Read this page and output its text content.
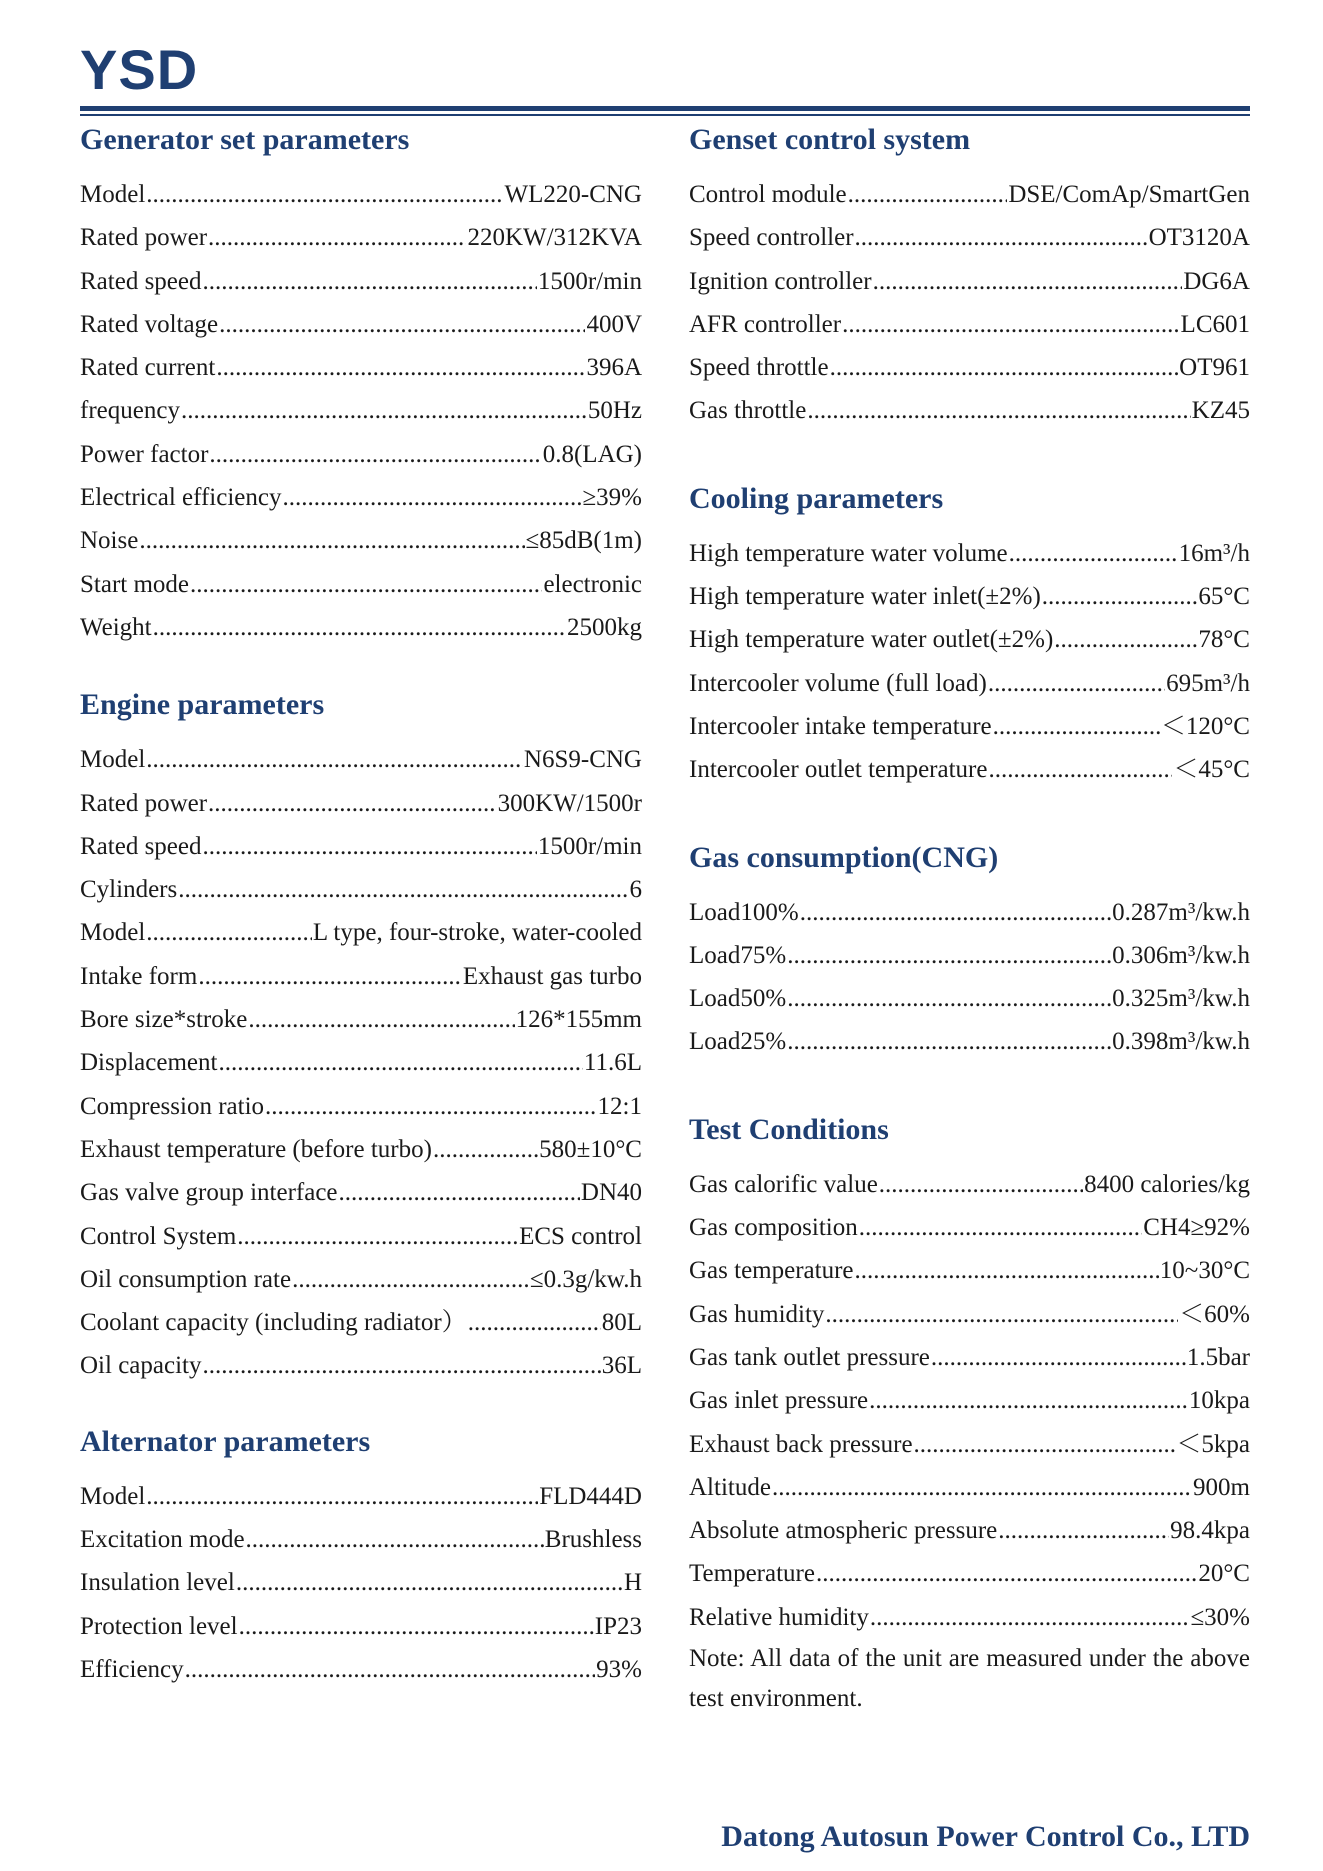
YSD
Generator set parameters
Model .....	WL220-CNG
Rated power .....	220KW/312KVA
Rated speed .....	1500r/min
Rated voltage .....	400V
Rated current .....	396A
frequency .....	50Hz
Power factor .....	0.8(LAG)
Electrical efficiency .....	≥39%
Noise .....	≤85dB(1m)
Start mode .....	electronic
Weight .....	2500kg
Engine parameters
Model .....	N6S9-CNG
Rated power .....	300KW/1500r
Rated speed .....	1500r/min
Cylinders .....	6
Model .....	L type, four-stroke, water-cooled
Intake form .....	Exhaust gas turbo
Bore size*stroke .....	126*155mm
Displacement .....	11.6L
Compression ratio .....	12:1
Exhaust temperature (before turbo) .....	580±10°C
Gas valve group interface .....	DN40
Control System .....	ECS control
Oil consumption rate .....	≤0.3g/kw.h
Coolant capacity (including radiator） .....	80L
Oil capacity .....	36L
Alternator parameters
Model .....	FLD444D
Excitation mode .....	Brushless
Insulation level .....	H
Protection level .....	IP23
Efficiency .....	93%
Genset control system
Control module .....	DSE/ComAp/SmartGen
Speed controller .....	OT3120A
Ignition controller .....	DG6A
AFR controller .....	LC601
Speed throttle .....	OT961
Gas throttle .....	KZ45
Cooling parameters
High temperature water volume .....	16m³/h
High temperature water inlet(±2%) .....	65°C
High temperature water outlet(±2%) .....	78°C
Intercooler volume (full load) .....	695m³/h
Intercooler intake temperature .....	＜120°C
Intercooler outlet temperature .....	＜45°C
Gas consumption(CNG)
Load100% .....	0.287m³/kw.h
Load75% .....	0.306m³/kw.h
Load50% .....	0.325m³/kw.h
Load25% .....	0.398m³/kw.h
Test Conditions
Gas calorific value .....	8400 calories/kg
Gas composition .....	CH4≥92%
Gas temperature .....	10~30°C
Gas humidity .....	＜60%
Gas tank outlet pressure .....	1.5bar
Gas inlet pressure .....	10kpa
Exhaust back pressure .....	＜5kpa
Altitude .....	900m
Absolute atmospheric pressure .....	98.4kpa
Temperature .....	20°C
Relative humidity .....	≤30%
Note: All data of the unit are measured under the above test environment.
Datong Autosun Power Control Co., LTD
